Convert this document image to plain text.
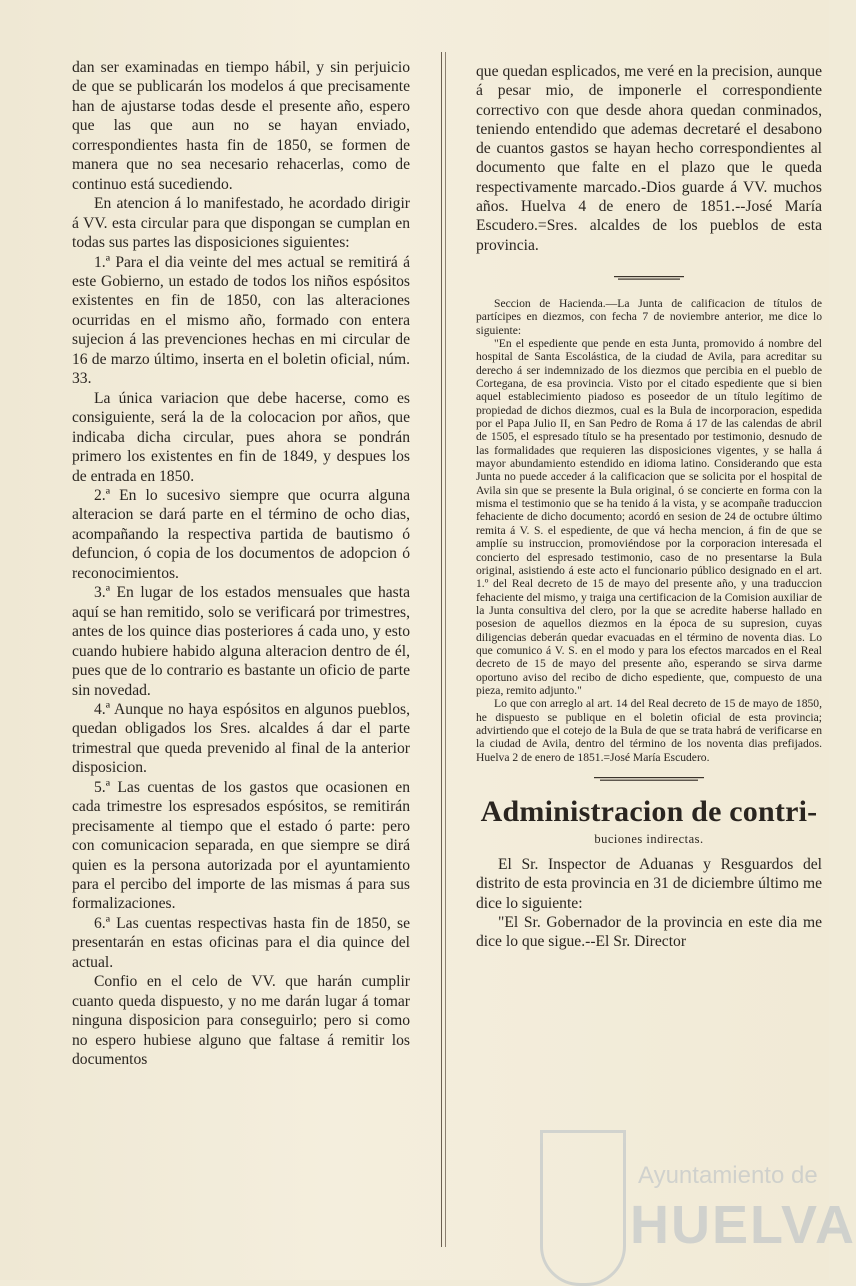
dan ser examinadas en tiempo hábil, y sin perjuicio de que se publicarán los modelos á que precisamente han de ajustarse todas desde el presente año, espero que las que aun no se hayan enviado, correspondientes hasta fin de 1850, se formen de manera que no sea necesario rehacerlas, como de continuo está sucediendo.

En atencion á lo manifestado, he acordado dirigir á VV. esta circular para que dispongan se cumplan en todas sus partes las disposiciones siguientes:

1.ª Para el dia veinte del mes actual se remitirá á este Gobierno, un estado de todos los niños espósitos existentes en fin de 1850, con las alteraciones ocurridas en el mismo año, formado con entera sujecion á las prevenciones hechas en mi circular de 16 de marzo último, inserta en el boletin oficial, núm. 33.

La única variacion que debe hacerse, como es consiguiente, será la de la colocacion por años, que indicaba dicha circular, pues ahora se pondrán primero los existentes en fin de 1849, y despues los de entrada en 1850.

2.ª En lo sucesivo siempre que ocurra alguna alteracion se dará parte en el término de ocho dias, acompañando la respectiva partida de bautismo ó defuncion, ó copia de los documentos de adopcion ó reconocimientos.

3.ª En lugar de los estados mensuales que hasta aquí se han remitido, solo se verificará por trimestres, antes de los quince dias posteriores á cada uno, y esto cuando hubiere habido alguna alteracion dentro de él, pues que de lo contrario es bastante un oficio de parte sin novedad.

4.ª Aunque no haya espósitos en algunos pueblos, quedan obligados los Sres. alcaldes á dar el parte trimestral que queda prevenido al final de la anterior disposicion.

5.ª Las cuentas de los gastos que ocasionen en cada trimestre los espresados espósitos, se remitirán precisamente al tiempo que el estado ó parte: pero con comunicacion separada, en que siempre se dirá quien es la persona autorizada por el ayuntamiento para el percibo del importe de las mismas á para sus formalizaciones.

6.ª Las cuentas respectivas hasta fin de 1850, se presentarán en estas oficinas para el dia quince del actual.

Confio en el celo de VV. que harán cumplir cuanto queda dispuesto, y no me darán lugar á tomar ninguna disposicion para conseguirlo; pero si como no espero hubiese alguno que faltase á remitir los documentos

que quedan esplicados, me veré en la precision, aunque á pesar mio, de imponerle el correspondiente correctivo con que desde ahora quedan conminados, teniendo entendido que ademas decretaré el desabono de cuantos gastos se hayan hecho correspondientes al documento que falte en el plazo que le queda respectivamente marcado.-Dios guarde á VV. muchos años. Huelva 4 de enero de 1851.--José María Escudero.=Sres. alcaldes de los pueblos de esta provincia.

Seccion de Hacienda.—La Junta de calificacion de títulos de partícipes en diezmos, con fecha 7 de noviembre anterior, me dice lo siguiente:

"En el espediente que pende en esta Junta, promovido á nombre del hospital de Santa Escolástica, de la ciudad de Avila, para acreditar su derecho á ser indemnizado de los diezmos que percibia en el pueblo de Cortegana, de esa provincia. Visto por el citado espediente que si bien aquel establecimiento piadoso es poseedor de un título legítimo de propiedad de dichos diezmos, cual es la Bula de incorporacion, espedida por el Papa Julio II, en San Pedro de Roma á 17 de las calendas de abril de 1505, el espresado título se ha presentado por testimonio, desnudo de las formalidades que requieren las disposiciones vigentes, y se halla á mayor abundamiento estendido en idioma latino. Considerando que esta Junta no puede acceder á la calificacion que se solicita por el hospital de Avila sin que se presente la Bula original, ó se concierte en forma con la misma el testimonio que se ha tenido á la vista, y se acompañe traduccion fehaciente de dicho documento; acordó en sesion de 24 de octubre último remita á V. S. el espediente, de que vá hecha mencion, á fin de que se amplíe su instruccion, promoviéndose por la corporacion interesada el concierto del espresado testimonio, caso de no presentarse la Bula original, asistiendo á este acto el funcionario público designado en el art. 1.º del Real decreto de 15 de mayo del presente año, y una traduccion fehaciente del mismo, y traiga una certificacion de la Comision auxiliar de la Junta consultiva del clero, por la que se acredite haberse hallado en posesion de aquellos diezmos en la época de su supresion, cuyas diligencias deberán quedar evacuadas en el término de noventa dias. Lo que comunico á V. S. en el modo y para los efectos marcados en el Real decreto de 15 de mayo del presente año, esperando se sirva darme oportuno aviso del recibo de dicho espediente, que, compuesto de una pieza, remito adjunto."

Lo que con arreglo al art. 14 del Real decreto de 15 de mayo de 1850, he dispuesto se publique en el boletin oficial de esta provincia; advirtiendo que el cotejo de la Bula de que se trata habrá de verificarse en la ciudad de Avila, dentro del término de los noventa dias prefijados. Huelva 2 de enero de 1851.=José María Escudero.

Administracion de contri-
buciones indirectas.

El Sr. Inspector de Aduanas y Resguardos del distrito de esta provincia en 31 de diciembre último me dice lo siguiente:

"El Sr. Gobernador de la provincia en este dia me dice lo que sigue.--El Sr. Director

Ayuntamiento de
HUELVA
